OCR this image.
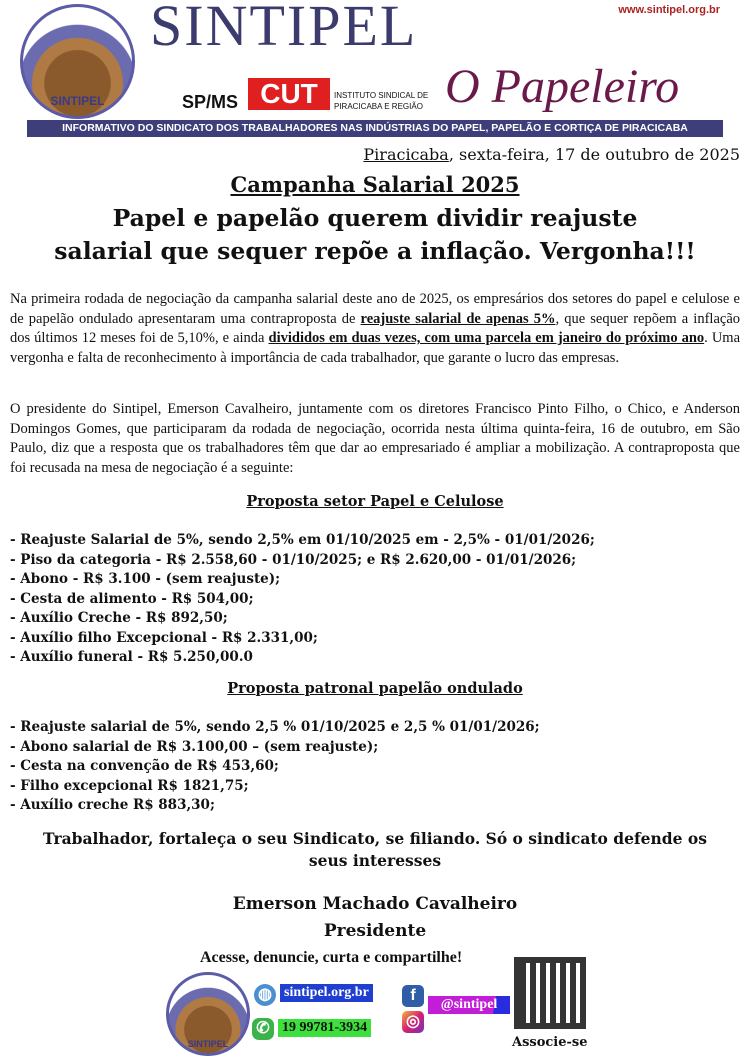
SINTIPEL
SINTIPEL
O Papeleiro
www.sintipel.org.br
SP/MS CUT	INSTITUTO SINDICAL DE PIRACICABA E REGIÃO
INFORMATIVO DO SINDICATO DOS TRABALHADORES NAS INDÚSTRIAS DO PAPEL, PAPELÃO E CORTIÇA DE PIRACICABA
Piracicaba, sexta-feira, 17 de outubro de 2025
Campanha Salarial 2025
Papel e papelão querem dividir reajuste
salarial que sequer repõe a inflação. Vergonha!!!
Na primeira rodada de negociação da campanha salarial deste ano de 2025, os empresários dos setores do papel e celulose e de papelão ondulado apresentaram uma contraproposta de reajuste salarial de apenas 5%, que sequer repõem a inflação dos últimos 12 meses foi de 5,10%, e ainda divididos em duas vezes, com uma parcela em janeiro do próximo ano. Uma vergonha e falta de reconhecimento à importância de cada trabalhador, que garante o lucro das empresas.
O presidente do Sintipel, Emerson Cavalheiro, juntamente com os diretores Francisco Pinto Filho, o Chico, e Anderson Domingos Gomes, que participaram da rodada de negociação, ocorrida nesta última quinta-feira, 16 de outubro, em São Paulo, diz que a resposta que os trabalhadores têm que dar ao empresariado é ampliar a mobilização. A contraproposta que foi recusada na mesa de negociação é a seguinte:
Proposta setor Papel e Celulose
- Reajuste Salarial de 5%, sendo 2,5% em 01/10/2025 em - 2,5% - 01/01/2026;
- Piso da categoria - R$ 2.558,60 - 01/10/2025; e R$ 2.620,00 - 01/01/2026;
- Abono - R$ 3.100 - (sem reajuste);
- Cesta de alimento - R$ 504,00;
- Auxílio Creche - R$ 892,50;
- Auxílio filho Excepcional - R$ 2.331,00;
- Auxílio funeral - R$ 5.250,00.0
Proposta patronal papelão ondulado
- Reajuste salarial de 5%, sendo 2,5 % 01/10/2025 e 2,5 % 01/01/2026;
- Abono salarial de R$ 3.100,00 – (sem reajuste);
- Cesta na convenção de R$ 453,60;
- Filho excepcional R$ 1821,75;
- Auxílio creche R$ 883,30;
Trabalhador, fortaleça o seu Sindicato, se filiando. Só o sindicato defende os seus interesses
Emerson Machado Cavalheiro
Presidente
Acesse, denuncie, curta e compartilhe!
SINTIPEL
◍ sintipel.org.br
✆ 19 99781-3934
f
◎
@sintipel
Associe-se
